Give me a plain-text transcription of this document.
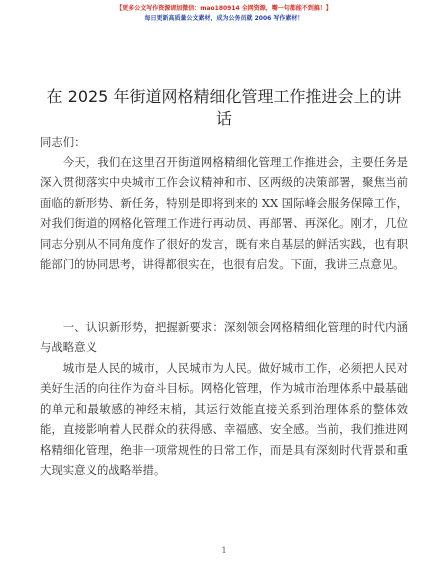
【更多公文写作资源请加微信：mao180914 全网资源，嘴一句都能不到搞！】
每日更新高质量公文素材，成为公务员就 2006 写作素材！
在 2025 年街道网格精细化管理工作推进会上的讲话
同志们：

今天，我们在这里召开街道网格精细化管理工作推进会，主要任务是深入贯彻落实中央城市工作会议精神和市、区两级的决策部署，聚焦当前面临的新形势、新任务，特别是即将到来的 XX 国际峰会服务保障工作，对我们街道的网格化管理工作进行再动员、再部署、再深化。刚才，几位同志分别从不同角度作了很好的发言，既有来自基层的鲜活实践，也有职能部门的协同思考，讲得都很实在，也很有启发。下面，我讲三点意见。

一、认识新形势，把握新要求：深刻领会网格精细化管理的时代内涵与战略意义

城市是人民的城市，人民城市为人民。做好城市工作，必须把人民对美好生活的向往作为奋斗目标。网格化管理，作为城市治理体系中最基础的单元和最敏感的神经末梢，其运行效能直接关系到治理体系的整体效能，直接影响着人民群众的获得感、幸福感、安全感。当前，我们推进网格精细化管理，绝非一项常规性的日常工作，而是具有深刻时代背景和重大现实意义的战略举措。

1
